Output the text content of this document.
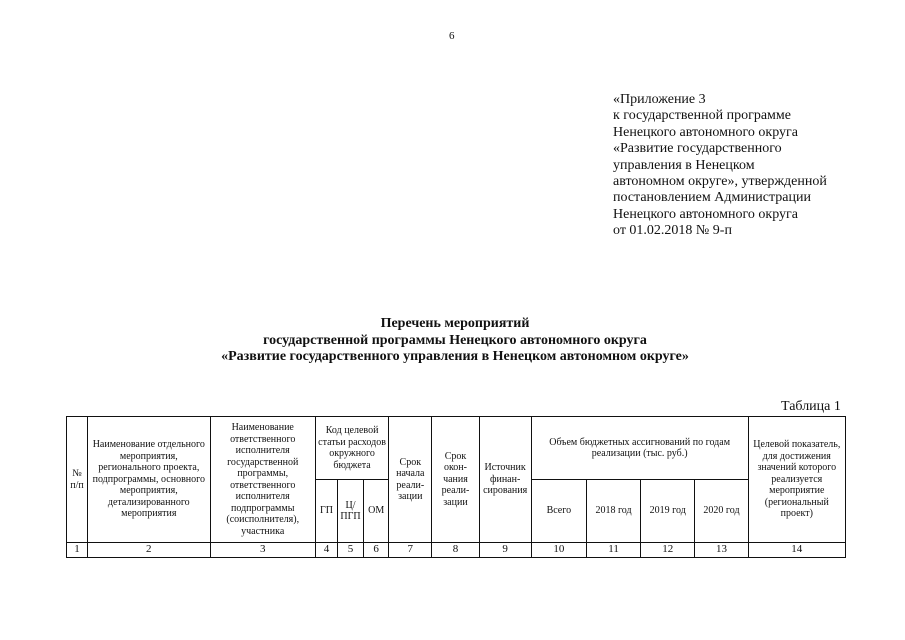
6
«Приложение 3
к государственной программе
Ненецкого автономного округа
«Развитие государственного
управления в Ненецком
автономном округе», утвержденной
постановлением Администрации
Ненецкого автономного округа
от 01.02.2018 № 9-п
Перечень мероприятий
государственной программы Ненецкого автономного округа
«Развитие государственного управления в Ненецком автономном округе»
Таблица 1
№ п/п	Наименование отдельного мероприятия, регионального проекта, подпрограммы, основного мероприятия, детализированного мероприятия	Наименование ответственного исполнителя государственной программы, ответственного исполнителя подпрограммы (соисполнителя), участника	Код целевой статьи расходов окружного бюджета			Срок начала реали- зации	Срок окон- чания реали- зации	Источник финан- сирования	Объем бюджетных ассигнований по годам реализации (тыс. руб.)				Целевой показатель, для достижения значений которого реализуется мероприятие (региональный проект)
			ГП	Ц/ ПГП	ОМ				Всего	2018 год	2019 год	2020 год	
1	2	3	4	5	6	7	8	9	10	11	12	13	14
